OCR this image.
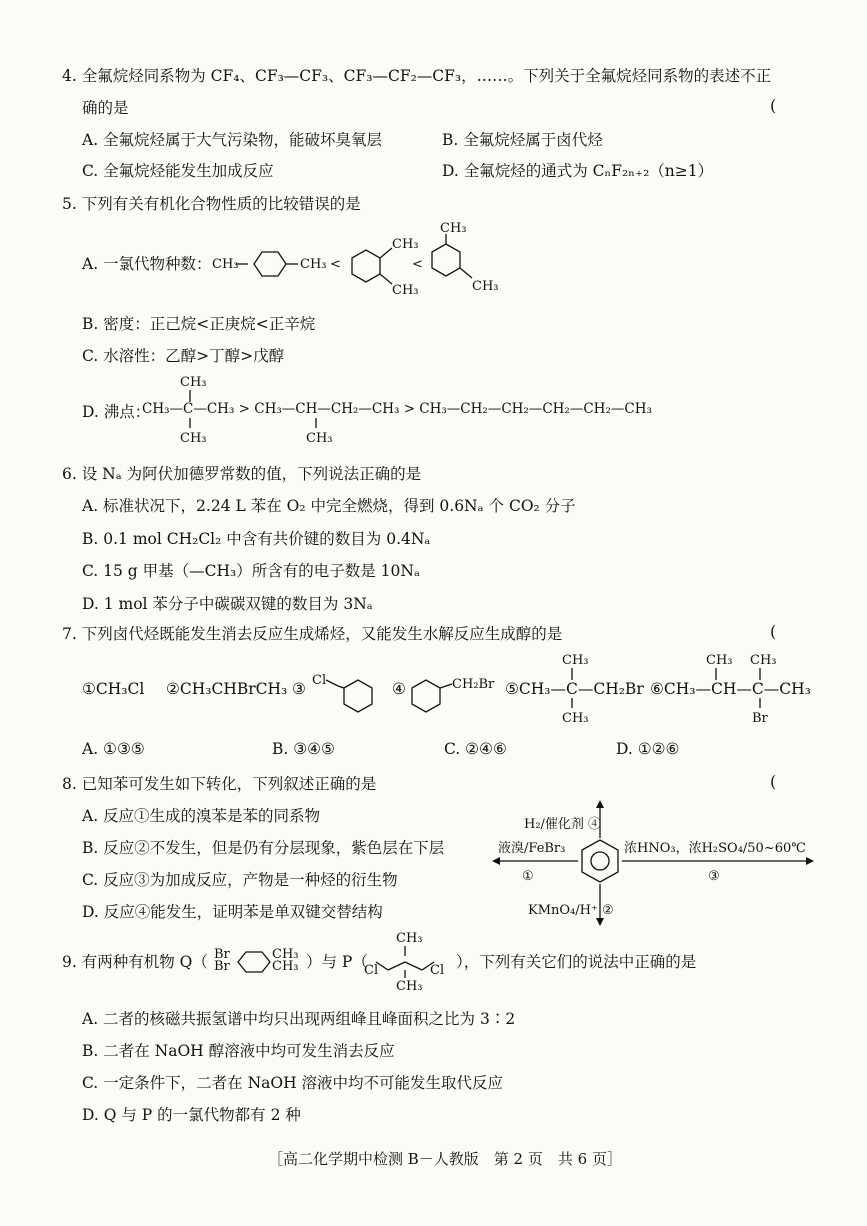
4. 全氟烷烃同系物为 CF₄、CF₃—CF₃、CF₃—CF₂—CF₃，……。下列关于全氟烷烃同系物的表述不正
确的是	(
A. 全氟烷烃属于大气污染物，能破坏臭氧层	B. 全氟烷烃属于卤代烃
C. 全氟烷烃能发生加成反应	D. 全氟烷烃的通式为 CₙF₂ₙ₊₂（n≥1）
5. 下列有关有机化合物性质的比较错误的是
A. 一氯代物种数： CH₃	CH₃ <
CH₃
CH₃
<
CH₃
CH₃
B. 密度：正己烷<正庚烷<正辛烷
C. 水溶性：乙醇>丁醇>戊醇
D. 沸点：
CH₃—C—CH₃ > CH₃—CH—CH₂—CH₃ > CH₃—CH₂—CH₂—CH₂—CH₂—CH₃
CH₃
CH₃	CH₃
6. 设 Nₐ 为阿伏加德罗常数的值，下列说法正确的是
A. 标准状况下，2.24 L 苯在 O₂ 中完全燃烧，得到 0.6Nₐ 个 CO₂ 分子
B. 0.1 mol CH₂Cl₂ 中含有共价键的数目为 0.4Nₐ
C. 15 g 甲基（—CH₃）所含有的电子数是 10Nₐ
D. 1 mol 苯分子中碳碳双键的数目为 3Nₐ
7. 下列卤代烃既能发生消去反应生成烯烃，又能发生水解反应生成醇的是	(
①CH₃Cl ②CH₃CHBrCH₃ ③	④	⑤CH₃—C—CH₂Br ⑥CH₃—CH—C—CH₃
Cl	CH₂Br
CH₃
CH₃
CH₃ CH₃
Br
A. ①③⑤	B. ③④⑤	C. ②④⑥	D. ①②⑥
8. 已知苯可发生如下转化，下列叙述正确的是	(
A. 反应①生成的溴苯是苯的同系物
B. 反应②不发生，但是仍有分层现象，紫色层在下层
C. 反应③为加成反应，产物是一种烃的衍生物
D. 反应④能发生，证明苯是单双键交替结构
H₂/催化剂 ④
液溴/FeBr₃
①
浓HNO₃，浓H₂SO₄/50~60℃
③
KMnO₄/H⁺ ②
9. 有两种有机物 Q（	）与 P（	），下列有关它们的说法中正确的是
Br
Br
CH₃
CH₃
CH₃
CH₃
Cl	Cl
A. 二者的核磁共振氢谱中均只出现两组峰且峰面积之比为 3∶2
B. 二者在 NaOH 醇溶液中均可发生消去反应
C. 一定条件下，二者在 NaOH 溶液中均不可能发生取代反应
D. Q 与 P 的一氯代物都有 2 种
［高二化学期中检测 B－人教版　第 2 页　共 6 页］
